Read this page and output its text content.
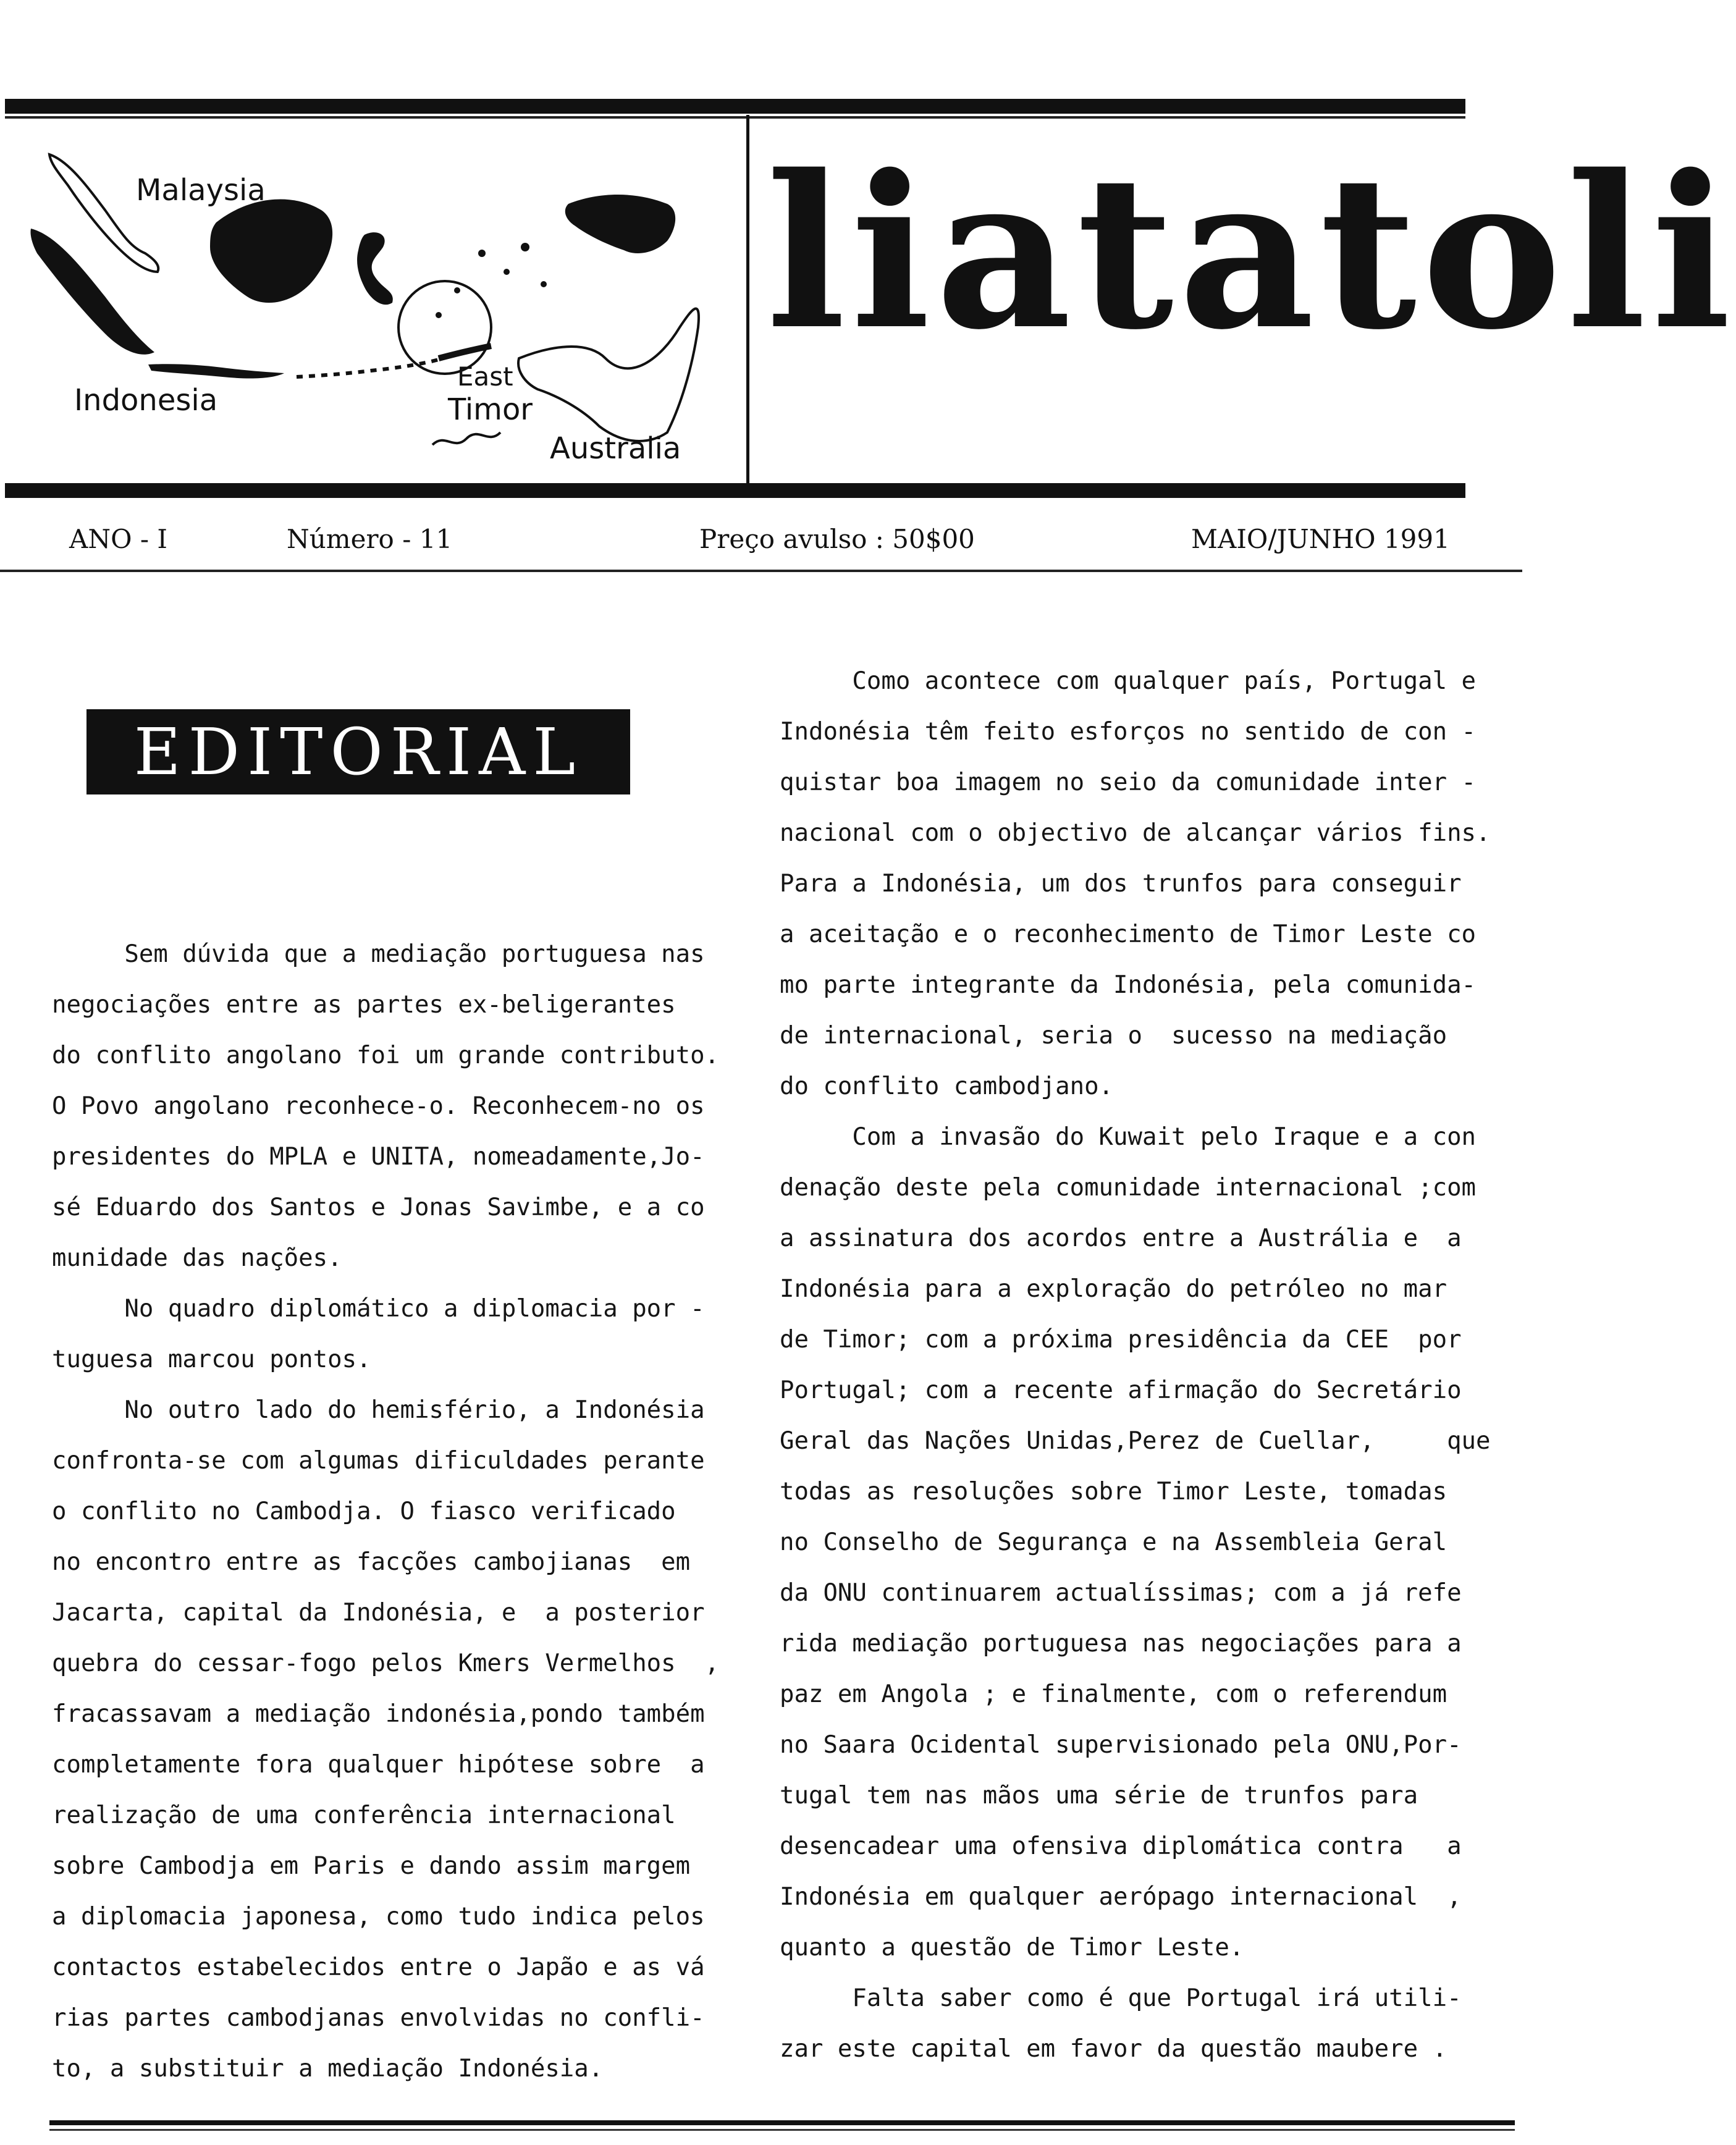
Malaysia
Indonesia
East
Timor
Australia
liatatoli
ANO - I	Número - 11	Preço avulso : 50$00	MAIO/JUNHO 1991
EDITORIAL

Sem dúvida que a mediação portuguesa nas

negociações entre as partes ex-beligerantes

do conflito angolano foi um grande contributo.

O Povo angolano reconhece-o. Reconhecem-no os

presidentes do MPLA e UNITA, nomeadamente,Jo-

sé Eduardo dos Santos e Jonas Savimbe, e a co

munidade das nações.

No quadro diplomático a diplomacia por -

tuguesa marcou pontos.

No outro lado do hemisfério, a Indonésia

confronta-se com algumas dificuldades perante

o conflito no Cambodja. O fiasco verificado

no encontro entre as facções cambojianas  em

Jacarta, capital da Indonésia, e  a posterior

quebra do cessar-fogo pelos Kmers Vermelhos  ,

fracassavam a mediação indonésia,pondo também

completamente fora qualquer hipótese sobre  a

realização de uma conferência internacional

sobre Cambodja em Paris e dando assim margem

a diplomacia japonesa, como tudo indica pelos

contactos estabelecidos entre o Japão e as vá

rias partes cambodjanas envolvidas no confli-

to, a substituir a mediação Indonésia.

Como acontece com qualquer país, Portugal e

Indonésia têm feito esforços no sentido de con -

quistar boa imagem no seio da comunidade inter -

nacional com o objectivo de alcançar vários fins.

Para a Indonésia, um dos trunfos para conseguir

a aceitação e o reconhecimento de Timor Leste co

mo parte integrante da Indonésia, pela comunida-

de internacional, seria o  sucesso na mediação

do conflito cambodjano.

Com a invasão do Kuwait pelo Iraque e a con

denação deste pela comunidade internacional ;com

a assinatura dos acordos entre a Austrália e  a

Indonésia para a exploração do petróleo no mar

de Timor; com a próxima presidência da CEE  por

Portugal; com a recente afirmação do Secretário

Geral das Nações Unidas,Perez de Cuellar,     que

todas as resoluções sobre Timor Leste, tomadas

no Conselho de Segurança e na Assembleia Geral

da ONU continuarem actualíssimas; com a já refe

rida mediação portuguesa nas negociações para a

paz em Angola ; e finalmente, com o referendum

no Saara Ocidental supervisionado pela ONU,Por-

tugal tem nas mãos uma série de trunfos para

desencadear uma ofensiva diplomática contra   a

Indonésia em qualquer aerópago internacional  ,

quanto a questão de Timor Leste.

Falta saber como é que Portugal irá utili-

zar este capital em favor da questão maubere .
